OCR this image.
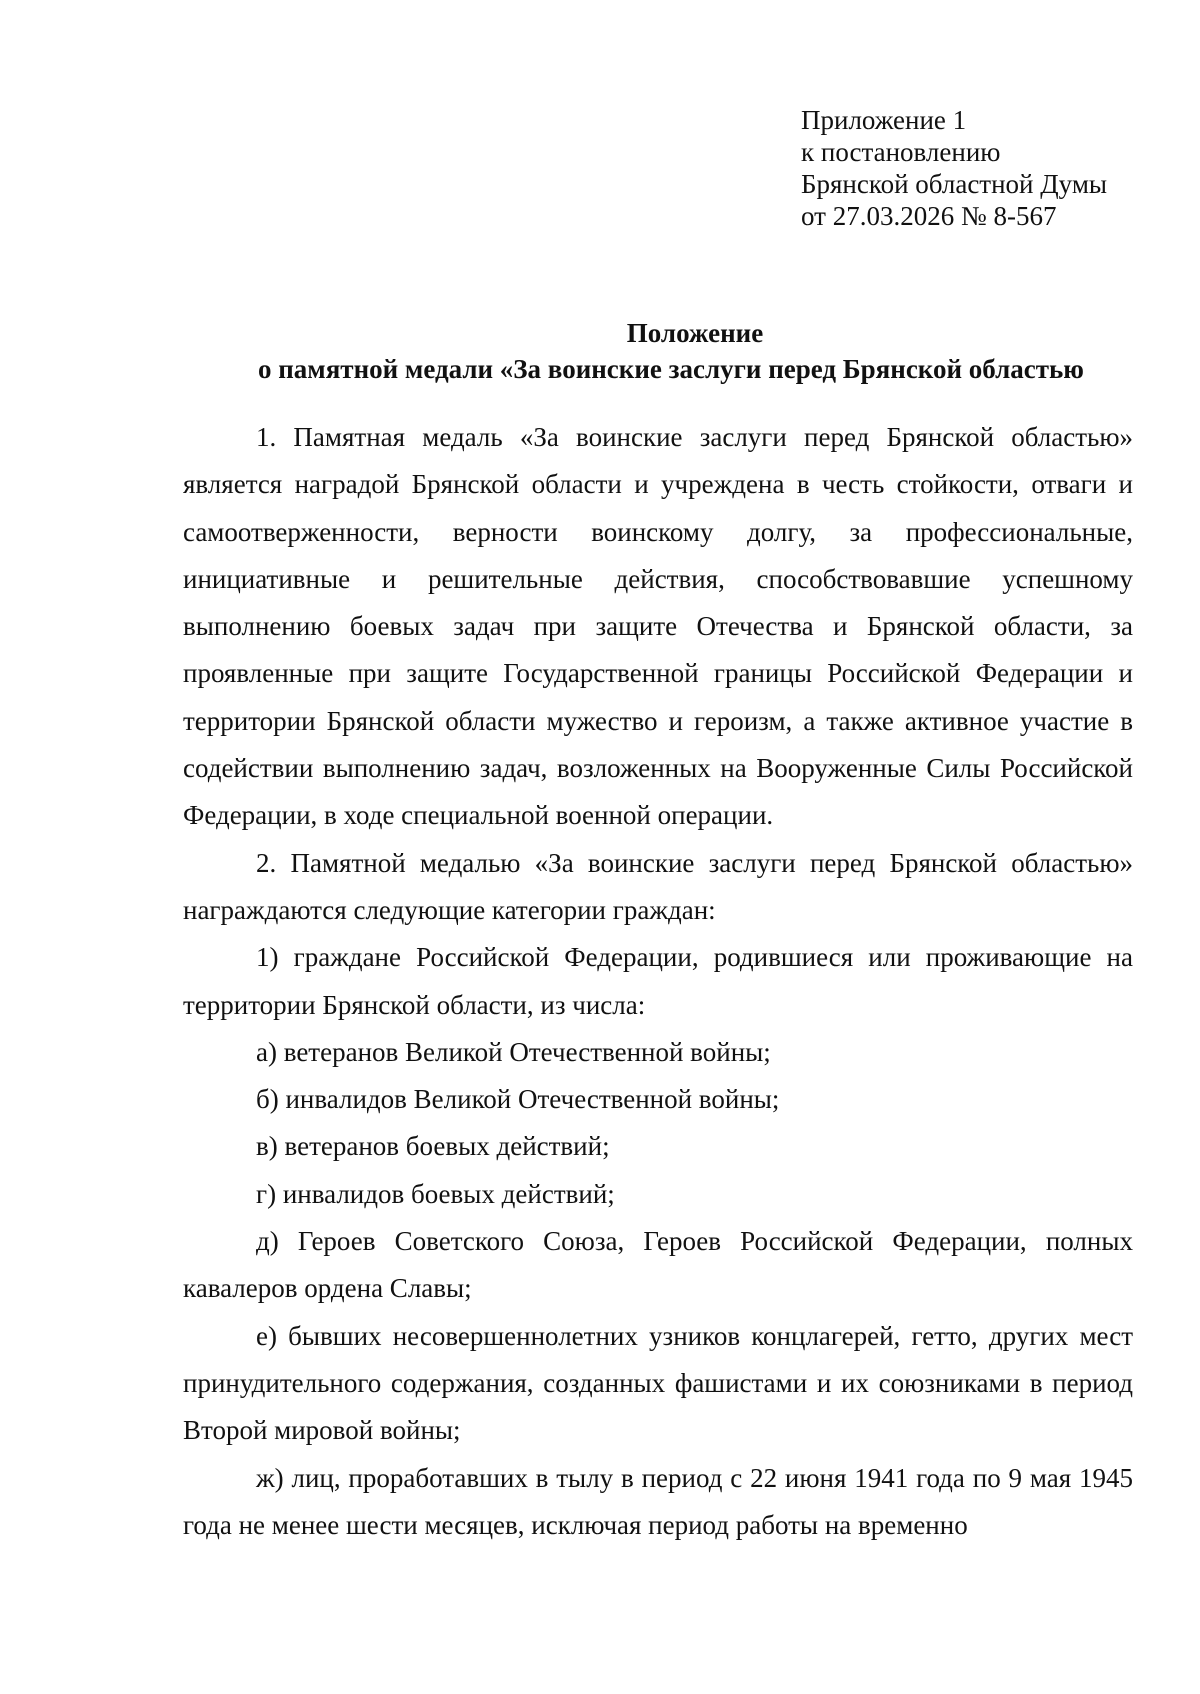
Приложение 1
к постановлению
Брянской областной Думы
от 27.03.2026 № 8-567
Положение
о памятной медали «За воинские заслуги перед Брянской областью

1. Памятная медаль «За воинские заслуги перед Брянской областью» является наградой Брянской области и учреждена в честь стойкости, отваги и самоотверженности, верности воинскому долгу, за профессиональные, инициативные и решительные действия, способствовавшие успешному выполнению боевых задач при защите Отечества и Брянской области, за проявленные при защите Государственной границы Российской Федерации и территории Брянской области мужество и героизм, а также активное участие в содействии выполнению задач, возложенных на Вооруженные Силы Российской Федерации, в ходе специальной военной операции.

2. Памятной медалью «За воинские заслуги перед Брянской областью» награждаются следующие категории граждан:

1) граждане Российской Федерации, родившиеся или проживающие на территории Брянской области, из числа:

а) ветеранов Великой Отечественной войны;

б) инвалидов Великой Отечественной войны;

в) ветеранов боевых действий;

г) инвалидов боевых действий;

д) Героев Советского Союза, Героев Российской Федерации, полных кавалеров ордена Славы;

е) бывших несовершеннолетних узников концлагерей, гетто, других мест принудительного содержания, созданных фашистами и их союзниками в период Второй мировой войны;

ж) лиц, проработавших в тылу в период с 22 июня 1941 года по 9 мая 1945 года не менее шести месяцев, исключая период работы на временно
